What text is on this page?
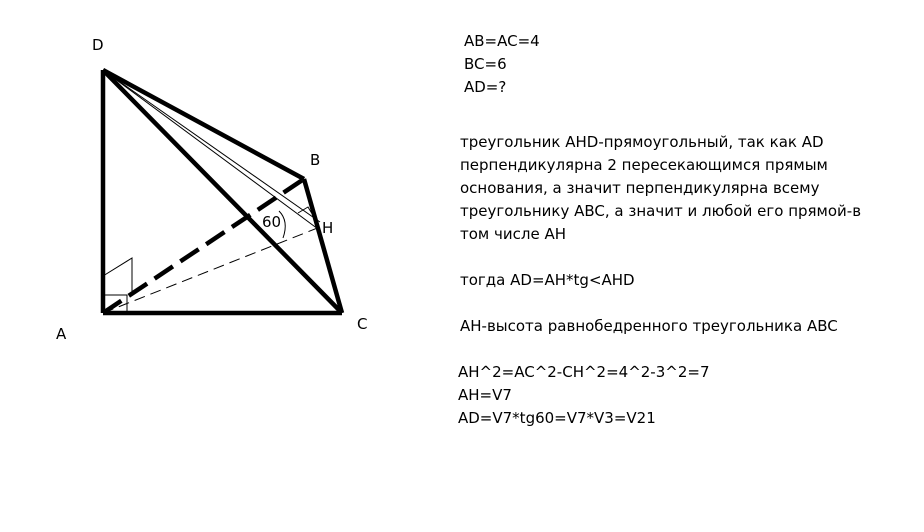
D
A
B
C
H
60
AB=AC=4
BC=6
AD=?
треугольник AHD-прямоугольный, так как AD
перпендикулярна 2 пересекающимся прямым
основания, а значит перпендикулярна всему
треугольнику ABC, а значит и любой его прямой-в
том числе AH
тогда AD=AH*tg<AHD
AH-высота равнобедренного треугольника ABC
AH^2=AC^2-CH^2=4^2-3^2=7
AH=V7
AD=V7*tg60=V7*V3=V21
